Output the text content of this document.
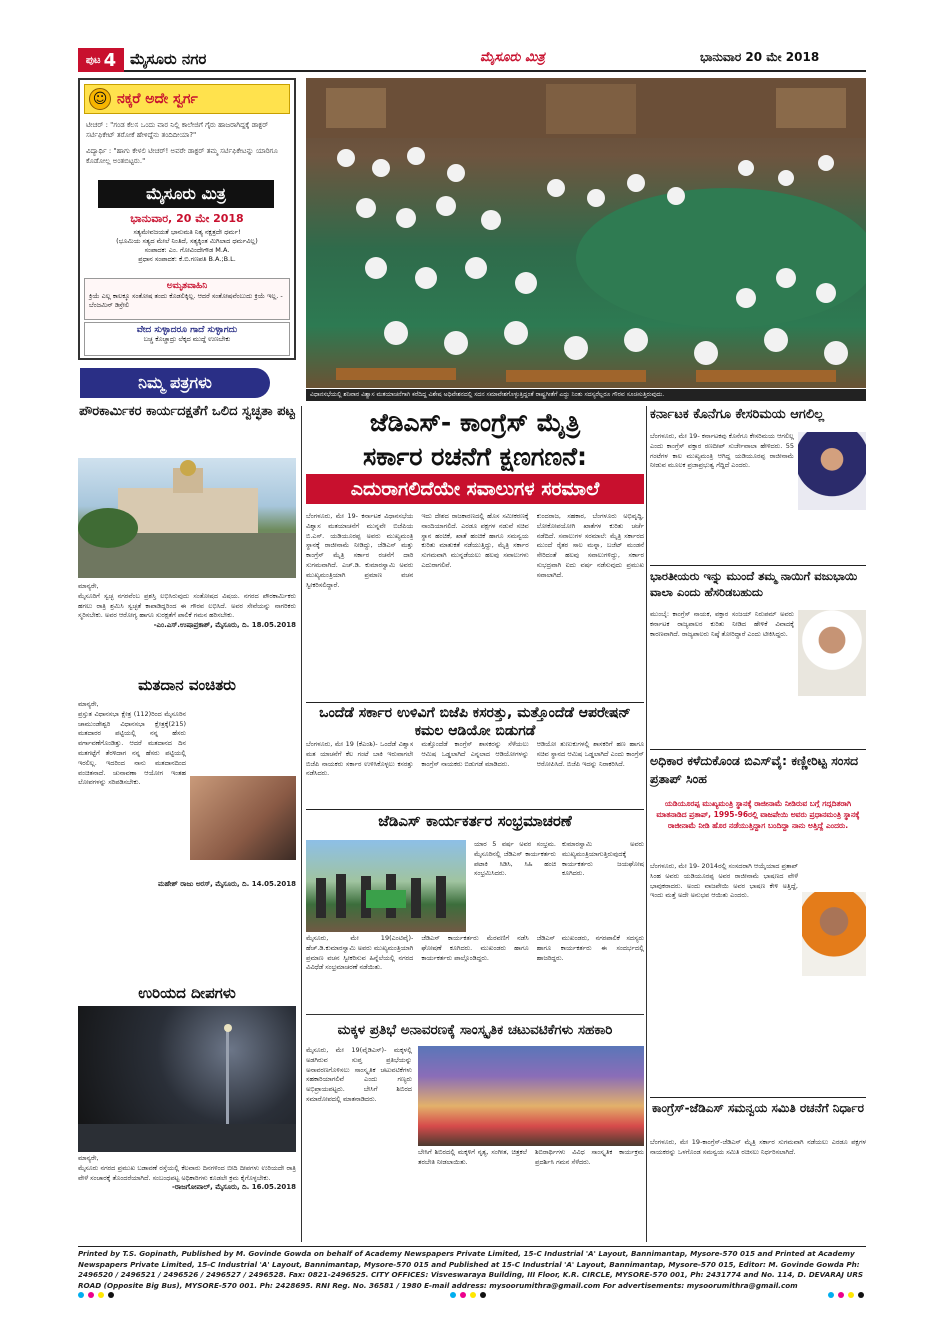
ಪುಟ 4 ಮೈಸೂರು ನಗರ	ಮೈಸೂರು ಮಿತ್ರ	ಭಾನುವಾರ 20 ಮೇ 2018
☺ ನಕ್ಕರೆ ಅದೇ ಸ್ವರ್ಗ

ಟೀಚರ್ : "ಗಂಡ ಕೆಲಸ ಒಂದು ವಾರ ನಿಲ್ಲಿ ಕಾಲೇಜಿಗೆ ಗೈರು ಹಾಜರಾಗಿದ್ದಕ್ಕೆ ಡಾಕ್ಟರ್ ಸರ್ಟಿಫಿಕೇಟ್ ತರೋಕೆ ಹೇಳಿದ್ದೆನು ತಂದಿದೀಯಾ?"

ವಿದ್ಯಾರ್ಥಿ : "ಹಾಗು ಕೇಳಲಿ ಟೀಚರ್! ಅವರೇ ಡಾಕ್ಟರ್ ತಮ್ಮ ಸರ್ಟಿಫಿಕೇಟನ್ನು ಯಾರಿಗೂ ಕೊಡೋಲ್ಲ ಅಂತಬಿಟ್ಟರು."

ಮೈಸೂರು ಮಿತ್ರ
ಭಾನುವಾರ, 20 ಮೇ 2018
ಸತ್ಯಮೇವಜಯತೆ ಭಾನುಮತಿ ನಿತ್ಯ ನಕ್ಷತ್ರದೇ ಧರ್ಮ!
(ಭೂಮಿಯ ಸತ್ಯದ ಮೇಲೆ ನಿಂತಿದೆ, ಸತ್ಯಕ್ಕಿಂತ ಮಿಗಿಲಾದ ಧರ್ಮವಿಲ್ಲ)
ಸಂಪಾದಕ: ಎಂ. ಗೋವಿಂದೇಗೌಡ M.A.
ಪ್ರಧಾನ ಸಂಪಾದಕ: ಕೆ.ಬಿ.ಗಣಪತಿ B.A.;B.L.
ಅಮೃತವಾಹಿನಿ
ಕ್ರಿಯೆ ಎಲ್ಲ ಕಾಲಕ್ಕೂ ಸಂತೋಷ ತಂದು ಕೊಡಲಿಕ್ಕಿಲ್ಲ. ಆದರೆ ಸಂತೋಷವೆಂಬುದು ಕ್ರಿಯೆ ಇಲ್ಲ. - ಬೆಂಜಮಿನ್ ಡಿಸ್ರೇಲಿ
ವೇದ ಸುಳ್ಳಾದರೂ ಗಾದೆ ಸುಳ್ಳಾಗದು
ಬಚ್ಚ ಕೊಚ್ಚಾದ್ರು ಲೆಕ್ಕದ ಮುದ್ದೆ ಉಣಬೇಕು
ವಿಧಾನಸಭೆಯಲ್ಲಿ ಶನಿವಾರ ವಿಶ್ವಾಸ ಮತಯಾಚನೆಗಾಗಿ ಕರೆದಿದ್ದ ವಿಶೇಷ ಅಧಿವೇಶನದಲ್ಲಿ ಸದನ ಸಮಾವೇಶಗೊಳ್ಳುತ್ತಿದ್ದಂತೆ ರಾಷ್ಟ್ರಗೀತೆಗೆ ಎದ್ದು ನಿಂತು ಸದಸ್ಯರೆಲ್ಲರೂ ಗೌರವ ಸೂಚಿಸುತ್ತಿರುವುದು.
ನಿಮ್ಮ ಪತ್ರಗಳು
ಪೌರಕಾರ್ಮಿಕರ ಕಾರ್ಯದಕ್ಷತೆಗೆ ಒಲಿದ ಸ್ವಚ್ಛತಾ ಪಟ್ಟ
ಮಾನ್ಯರೇ,
ಮೈಸೂರಿಗೆ ಸ್ವಚ್ಛ ನಗರವೆಂಬ ಪ್ರಶಸ್ತಿ ಲಭಿಸಿರುವುದು ಸಂತೋಷದ ವಿಷಯ. ನಗರದ ಪೌರಕಾರ್ಮಿಕರು ಹಗಲು ರಾತ್ರಿ ಶ್ರಮಿಸಿ ಸ್ವಚ್ಛತೆ ಕಾಪಾಡಿದ್ದರಿಂದ ಈ ಗೌರವ ಲಭಿಸಿದೆ. ಅವರ ಸೇವೆಯನ್ನು ನಾಗರಿಕರು ಸ್ಮರಿಸಬೇಕು. ಅವರ ಆರೋಗ್ಯ ಹಾಗೂ ಸುರಕ್ಷತೆಗೆ ಪಾಲಿಕೆ ಗಮನ ಹರಿಸಬೇಕು.
-ಎಂ.ಎಸ್.ಉಷಾಪ್ರಕಾಶ್, ಮೈಸೂರು, ದಿ. 18.05.2018
ಮತದಾನ ವಂಚಿತರು
ಮಾನ್ಯರೇ,
ಪ್ರಸ್ತುತ ವಿಧಾನಸಭಾ ಕ್ಷೇತ್ರ (112)ರಿಂದ ಮೈಸೂರಿನ ಚಾಮುಂಡೇಶ್ವರಿ ವಿಧಾನಸಭಾ ಕ್ಷೇತ್ರಕ್ಕೆ(215) ಮತದಾರರ ಪಟ್ಟಿಯಲ್ಲಿ ನನ್ನ ಹೆಸರು ವರ್ಗಾವಣೆಗೊಂಡಿತ್ತು. ಆದರೆ ಮತದಾನದ ದಿನ ಮತಗಟ್ಟೆಗೆ ತೆರಳಿದಾಗ ನನ್ನ ಹೆಸರು ಪಟ್ಟಿಯಲ್ಲಿ ಇರಲಿಲ್ಲ. ಇದರಿಂದ ನಾನು ಮತದಾನದಿಂದ ವಂಚಿತನಾದೆ. ಚುನಾವಣಾ ಆಯೋಗ ಇಂತಹ ಲೋಪಗಳನ್ನು ಸರಿಪಡಿಸಬೇಕು.
ಮಹೇಶ್ ರಾಜು ಅರಸ್, ಮೈಸೂರು, ದಿ. 14.05.2018
ಉರಿಯದ ದೀಪಗಳು
ಮಾನ್ಯರೇ,
ಮೈಸೂರು ನಗರದ ಪ್ರಮುಖ ಬಡಾವಣೆ ರಸ್ತೆಯಲ್ಲಿ ಕೆಲವಾರು ದಿನಗಳಿಂದ ಬೀದಿ ದೀಪಗಳು ಉರಿಯದೇ ರಾತ್ರಿ ವೇಳೆ ಸಂಚಾರಕ್ಕೆ ತೊಂದರೆಯಾಗಿದೆ. ಸಂಬಂಧಪಟ್ಟ ಅಧಿಕಾರಿಗಳು ಕೂಡಲೇ ಕ್ರಮ ಕೈಗೊಳ್ಳಬೇಕು.
-ರಾಜಗೋಪಾಲ್, ಮೈಸೂರು, ದಿ. 16.05.2018
ಜೆಡಿಎಸ್- ಕಾಂಗ್ರೆಸ್ ಮೈತ್ರಿ
ಸರ್ಕಾರ ರಚನೆಗೆ ಕ್ಷಣಗಣನೆ:
ಎದುರಾಗಲಿದೆಯೇ ಸವಾಲುಗಳ ಸರಮಾಲೆ
ಬೆಂಗಳೂರು, ಮೇ 19- ಕರ್ನಾಟಕ ವಿಧಾನಸಭೆಯ ವಿಶ್ವಾಸ ಮತಯಾಚನೆಗೆ ಮುನ್ನವೇ ಬಿಜೆಪಿಯ ಬಿ.ಎಸ್. ಯಡಿಯೂರಪ್ಪ ಅವರು ಮುಖ್ಯಮಂತ್ರಿ ಸ್ಥಾನಕ್ಕೆ ರಾಜೀನಾಮೆ ನೀಡಿದ್ದು, ಜೆಡಿಎಸ್ ಮತ್ತು ಕಾಂಗ್ರೆಸ್ ಮೈತ್ರಿ ಸರ್ಕಾರ ರಚನೆಗೆ ದಾರಿ ಸುಗಮವಾಗಿದೆ. ಎಚ್.ಡಿ. ಕುಮಾರಸ್ವಾಮಿ ಅವರು ಮುಖ್ಯಮಂತ್ರಿಯಾಗಿ ಪ್ರಮಾಣ ವಚನ ಸ್ವೀಕರಿಸಲಿದ್ದಾರೆ.
ಇದು ದೇಶದ ರಾಜಕಾರಣದಲ್ಲಿ ಹೊಸ ಸಮೀಕರಣಕ್ಕೆ ನಾಂದಿಯಾಗಲಿದೆ. ಎರಡೂ ಪಕ್ಷಗಳ ನಡುವೆ ಸಚಿವ ಸ್ಥಾನ ಹಂಚಿಕೆ, ಖಾತೆ ಹಂಚಿಕೆ ಹಾಗೂ ಸಮನ್ವಯ ಕುರಿತು ಮಾತುಕತೆ ನಡೆಯುತ್ತಿದ್ದು, ಮೈತ್ರಿ ಸರ್ಕಾರ ಸುಗಮವಾಗಿ ಮುನ್ನಡೆಯಲು ಹಲವು ಸವಾಲುಗಳು ಎದುರಾಗಲಿವೆ.
ಕುಂದರಾಜ, ಸಹಕಾರ, ಬೆಂಗಳೂರು ಅಭಿವೃದ್ಧಿ, ಲೋಕೋಪಯೋಗಿ ಖಾತೆಗಳ ಕುರಿತು ಚರ್ಚೆ ನಡೆದಿದೆ. ಸವಾಲುಗಳ ಸರಮಾಲೆ: ಮೈತ್ರಿ ಸರ್ಕಾರದ ಮುಂದೆ ರೈತರ ಸಾಲ ಮನ್ನಾ, ಬಜೆಟ್ ಮಂಡನೆ ಸೇರಿದಂತೆ ಹಲವು ಸವಾಲುಗಳಿದ್ದು, ಸರ್ಕಾರ ಸುಭದ್ರವಾಗಿ ಐದು ವರ್ಷ ನಡೆಸುವುದು ಪ್ರಮುಖ ಸವಾಲಾಗಿದೆ.
ಒಂದೆಡೆ ಸರ್ಕಾರ ಉಳಿವಿಗೆ ಬಿಜೆಪಿ ಕಸರತ್ತು, ಮತ್ತೊಂದೆಡೆ ಆಪರೇಷನ್ ಕಮಲ ಆಡಿಯೋ ಬಿಡುಗಡೆ
ಬೆಂಗಳೂರು, ಮೇ 19 (ಕೆಎಂಶಿ)- ಒಂದೆಡೆ ವಿಶ್ವಾಸ ಮತ ಯಾಚನೆಗೆ ಕೆಲ ಗಂಟೆ ಬಾಕಿ ಇರುವಾಗಲೇ ಬಿಜೆಪಿ ನಾಯಕರು ಸರ್ಕಾರ ಉಳಿಸಿಕೊಳ್ಳಲು ಕಸರತ್ತು ನಡೆಸಿದರು.
ಮತ್ತೊಂದೆಡೆ ಕಾಂಗ್ರೆಸ್ ಶಾಸಕರನ್ನು ಸೆಳೆಯಲು ಆಮಿಷ ಒಡ್ಡಲಾಗಿದೆ ಎನ್ನಲಾದ ಆಡಿಯೋಗಳನ್ನು ಕಾಂಗ್ರೆಸ್ ನಾಯಕರು ಬಿಡುಗಡೆ ಮಾಡಿದರು.
ಆಡಿಯೋ ತುಣುಕುಗಳಲ್ಲಿ ಶಾಸಕರಿಗೆ ಹಣ ಹಾಗೂ ಸಚಿವ ಸ್ಥಾನದ ಆಮಿಷ ಒಡ್ಡಲಾಗಿದೆ ಎಂದು ಕಾಂಗ್ರೆಸ್ ಆರೋಪಿಸಿದೆ. ಬಿಜೆಪಿ ಇದನ್ನು ನಿರಾಕರಿಸಿದೆ.
ಜೆಡಿಎಸ್ ಕಾರ್ಯಕರ್ತರ ಸಂಭ್ರಮಾಚರಣೆ
ಯಾರ 5 ವರ್ಷ ಅವರ ಸಂಭ್ರಮ. ಮೈಸೂರಿನಲ್ಲಿ ಜೆಡಿಎಸ್ ಕಾರ್ಯಕರ್ತರು ಪಟಾಕಿ ಸಿಡಿಸಿ, ಸಿಹಿ ಹಂಚಿ ಸಂಭ್ರಮಿಸಿದರು.
ಕುಮಾರಸ್ವಾಮಿ ಅವರು ಮುಖ್ಯಮಂತ್ರಿಯಾಗುತ್ತಿರುವುದಕ್ಕೆ ಕಾರ್ಯಕರ್ತರು ಜಯಘೋಷ ಕೂಗಿದರು.
ಮೈಸೂರು, ಮೇ 19(ಎಂಟಿವೈ)- ಹೆಚ್.ಡಿ.ಕುಮಾರಸ್ವಾಮಿ ಅವರು ಮುಖ್ಯಮಂತ್ರಿಯಾಗಿ ಪ್ರಮಾಣ ವಚನ ಸ್ವೀಕರಿಸುವ ಹಿನ್ನೆಲೆಯಲ್ಲಿ ನಗರದ ವಿವಿಧೆಡೆ ಸಂಭ್ರಮಾಚರಣೆ ನಡೆಯಿತು.
ಜೆಡಿಎಸ್ ಕಾರ್ಯಕರ್ತರು ಮೆರವಣಿಗೆ ನಡೆಸಿ ಘೋಷಣೆ ಕೂಗಿದರು. ಮುಖಂಡರು ಹಾಗೂ ಕಾರ್ಯಕರ್ತರು ಪಾಲ್ಗೊಂಡಿದ್ದರು.
ಜೆಡಿಎಸ್ ಮುಖಂಡರು, ನಗರಪಾಲಿಕೆ ಸದಸ್ಯರು ಹಾಗೂ ಕಾರ್ಯಕರ್ತರು ಈ ಸಂದರ್ಭದಲ್ಲಿ ಹಾಜರಿದ್ದರು.
ಮಕ್ಕಳ ಪ್ರತಿಭೆ ಅನಾವರಣಕ್ಕೆ ಸಾಂಸ್ಕೃತಿಕ ಚಟುವಟಿಕೆಗಳು ಸಹಕಾರಿ
ಮೈಸೂರು, ಮೇ 19(ವೈಡಿಎಸ್)- ಮಕ್ಕಳಲ್ಲಿ ಅಡಗಿರುವ ಸುಪ್ತ ಪ್ರತಿಭೆಯನ್ನು ಅನಾವರಣಗೊಳಿಸಲು ಸಾಂಸ್ಕೃತಿಕ ಚಟುವಟಿಕೆಗಳು ಸಹಕಾರಿಯಾಗಲಿವೆ ಎಂದು ಗಣ್ಯರು ಅಭಿಪ್ರಾಯಪಟ್ಟರು. ಬೇಸಿಗೆ ಶಿಬಿರದ ಸಮಾರೋಪದಲ್ಲಿ ಮಾತನಾಡಿದರು.
ಬೇಸಿಗೆ ಶಿಬಿರದಲ್ಲಿ ಮಕ್ಕಳಿಗೆ ನೃತ್ಯ, ಸಂಗೀತ, ಚಿತ್ರಕಲೆ ತರಬೇತಿ ನೀಡಲಾಯಿತು.
ಶಿಬಿರಾರ್ಥಿಗಳು ವಿವಿಧ ಸಾಂಸ್ಕೃತಿಕ ಕಾರ್ಯಕ್ರಮ ಪ್ರದರ್ಶಿಸಿ ಗಮನ ಸೆಳೆದರು.
ಕರ್ನಾಟಕ ಕೊನೆಗೂ ಕೇಸರಿಮಯ ಆಗಲಿಲ್ಲ
ಬೆಂಗಳೂರು, ಮೇ 19- ಕರ್ನಾಟಕವು ಕೊನೆಗೂ ಕೇಸರಿಮಯ ಆಗಲಿಲ್ಲ ಎಂದು ಕಾಂಗ್ರೆಸ್ ವಕ್ತಾರ ರಣದೀಪ್ ಸುರ್ಜೇವಾಲಾ ಹೇಳಿದರು. 55 ಗಂಟೆಗಳ ಕಾಲ ಮುಖ್ಯಮಂತ್ರಿ ಆಗಿದ್ದ ಯಡಿಯೂರಪ್ಪ ರಾಜೀನಾಮೆ ನೀಡುವ ಮೂಲಕ ಪ್ರಜಾಪ್ರಭುತ್ವ ಗೆದ್ದಿದೆ ಎಂದರು.
ಭಾರತೀಯರು ಇನ್ನು ಮುಂದೆ ತಮ್ಮ ನಾಯಿಗೆ ವಜುಭಾಯಿ ವಾಲಾ ಎಂದು ಹೆಸರಿಡಬಹುದು
ಮುಂಬೈ: ಕಾಂಗ್ರೆಸ್ ನಾಯಕ, ವಕ್ತಾರ ಸಂಜಯ್ ನಿರುಪಮ್ ಅವರು ಕರ್ನಾಟಕ ರಾಜ್ಯಪಾಲರ ಕುರಿತು ನೀಡಿದ ಹೇಳಿಕೆ ವಿವಾದಕ್ಕೆ ಕಾರಣವಾಗಿದೆ. ರಾಜ್ಯಪಾಲರು ನಿಷ್ಠೆ ತೋರಿದ್ದಾರೆ ಎಂದು ಟೀಕಿಸಿದ್ದರು.
ಅಧಿಕಾರ ಕಳೆದುಕೊಂಡ ಬಿಎಸ್‌ವೈ: ಕಣ್ಣೀರಿಟ್ಟ ಸಂಸದ ಪ್ರತಾಪ್ ಸಿಂಹ
ಯಡಿಯೂರಪ್ಪ ಮುಖ್ಯಮಂತ್ರಿ ಸ್ಥಾನಕ್ಕೆ ರಾಜೀನಾಮೆ ನೀಡಿರುವ ಬಗ್ಗೆ ಗದ್ಗದಿತರಾಗಿ ಮಾತನಾಡಿದ ಪ್ರತಾಪ್, 1995-96ರಲ್ಲಿ ವಾಜಪೇಯಿ ಅವರು ಪ್ರಧಾನಮಂತ್ರಿ ಸ್ಥಾನಕ್ಕೆ ರಾಜೀನಾಮೆ ನೀಡಿ ಹೊರ ನಡೆಯುತ್ತಿದ್ದಾಗ ಬಂದಿದ್ದಾ ನಾನು ಅತ್ತಿದ್ದೆ ಎಂದರು.
ಬೆಂಗಳೂರು, ಮೇ 19- 2014ರಲ್ಲಿ ಸಂಸದರಾಗಿ ಆಯ್ಕೆಯಾದ ಪ್ರತಾಪ್ ಸಿಂಹ ಅವರು ಯಡಿಯೂರಪ್ಪ ಅವರ ರಾಜೀನಾಮೆ ಭಾಷಣದ ವೇಳೆ ಭಾವುಕರಾದರು. ಅಂದು ವಾಜಪೇಯಿ ಅವರ ಭಾಷಣ ಕೇಳಿ ಅತ್ತಿದ್ದೆ, ಇಂದು ಮತ್ತೆ ಅದೇ ಅನುಭವ ಆಯಿತು ಎಂದರು.
ಕಾಂಗ್ರೆಸ್-ಜೆಡಿಎಸ್ ಸಮನ್ವಯ ಸಮಿತಿ ರಚನೆಗೆ ನಿರ್ಧಾರ
ಬೆಂಗಳೂರು, ಮೇ 19-ಕಾಂಗ್ರೆಸ್-ಜೆಡಿಎಸ್ ಮೈತ್ರಿ ಸರ್ಕಾರ ಸುಗಮವಾಗಿ ನಡೆಯಲು ಎರಡೂ ಪಕ್ಷಗಳ ನಾಯಕರನ್ನು ಒಳಗೊಂಡ ಸಮನ್ವಯ ಸಮಿತಿ ರಚಿಸಲು ನಿರ್ಧರಿಸಲಾಗಿದೆ.
Printed by T.S. Gopinath, Published by M. Govinde Gowda on behalf of Academy Newspapers Private Limited, 15-C Industrial 'A' Layout, Bannimantap, Mysore-570 015 and Printed at Academy Newspapers Private Limited, 15-C Industrial 'A' Layout, Bannimantap, Mysore-570 015 and Published at 15-C Industrial 'A' Layout, Bannimantap, Mysore-570 015, Editor: M. Govinde Gowda Ph: 2496520 / 2496521 / 2496526 / 2496527 / 2496528. Fax: 0821-2496525. CITY OFFICES: Visveswaraya Building, III Floor, K.R. CIRCLE, MYSORE-570 001, Ph: 2431774 and No. 114, D. DEVARAJ URS ROAD (Opposite Big Bus), MYSORE-570 001. Ph: 2428695. RNI Reg. No. 36581 / 1980 E-mail address: mysoorumithra@gmail.com For advertisements: mysoorumithra@gmail.com
